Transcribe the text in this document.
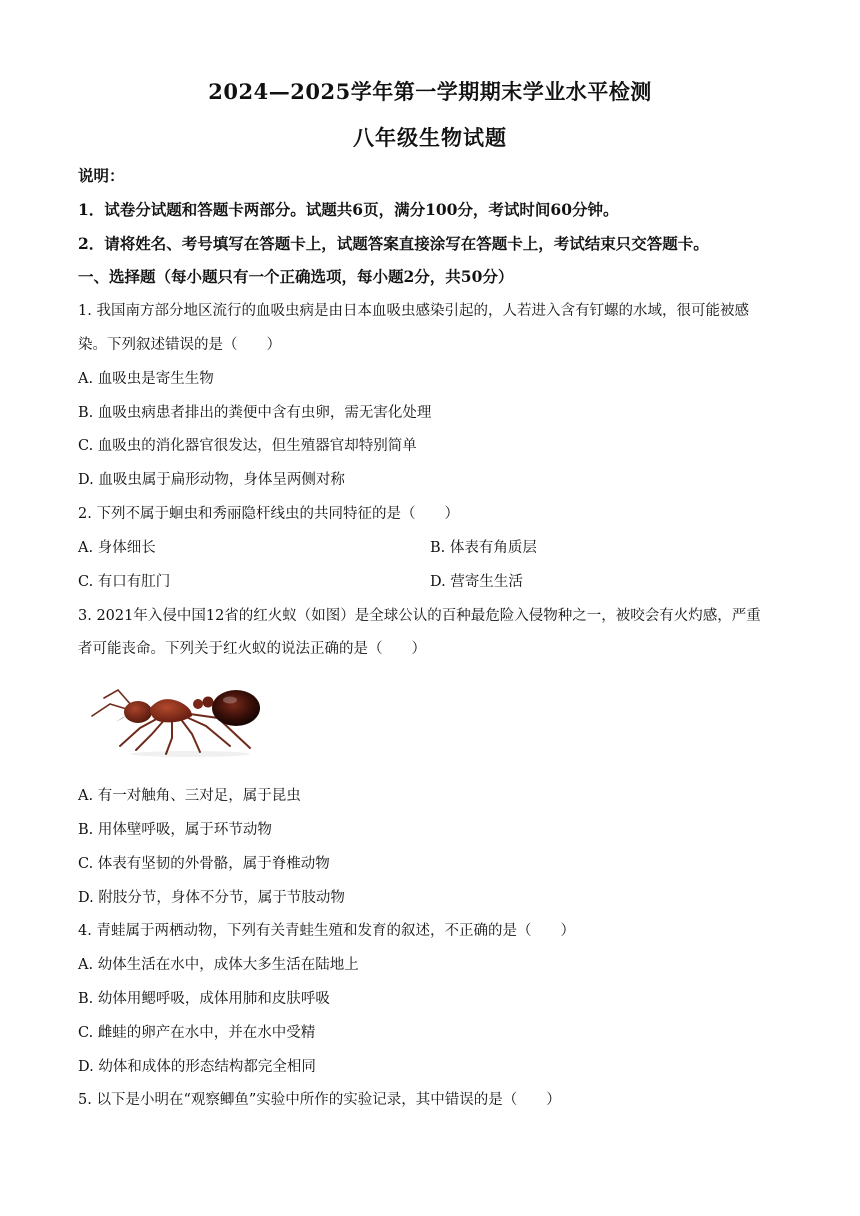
2024—2025学年第一学期期末学业水平检测
八年级生物试题
说明：
1．试卷分试题和答题卡两部分。试题共6页，满分100分，考试时间60分钟。
2．请将姓名、考号填写在答题卡上，试题答案直接涂写在答题卡上，考试结束只交答题卡。
一、选择题（每小题只有一个正确选项，每小题2分，共50分）
1. 我国南方部分地区流行的血吸虫病是由日本血吸虫感染引起的，人若进入含有钉螺的水域，很可能被感
染。下列叙述错误的是（　　）
A. 血吸虫是寄生生物
B. 血吸虫病患者排出的粪便中含有虫卵，需无害化处理
C. 血吸虫的消化器官很发达，但生殖器官却特别简单
D. 血吸虫属于扁形动物，身体呈两侧对称
2. 下列不属于蛔虫和秀丽隐杆线虫的共同特征的是（　　）
A. 身体细长	B. 体表有角质层
C. 有口有肛门	D. 营寄生生活
3. 2021年入侵中国12省的红火蚁（如图）是全球公认的百种最危险入侵物种之一，被咬会有火灼感，严重
者可能丧命。下列关于红火蚁的说法正确的是（　　）
A. 有一对触角、三对足，属于昆虫
B. 用体壁呼吸，属于环节动物
C. 体表有坚韧的外骨骼，属于脊椎动物
D. 附肢分节，身体不分节，属于节肢动物
4. 青蛙属于两栖动物，下列有关青蛙生殖和发育的叙述，不正确的是（　　）
A. 幼体生活在水中，成体大多生活在陆地上
B. 幼体用鳃呼吸，成体用肺和皮肤呼吸
C. 雌蛙的卵产在水中，并在水中受精
D. 幼体和成体的形态结构都完全相同
5. 以下是小明在“观察鲫鱼”实验中所作的实验记录，其中错误的是（　　）
